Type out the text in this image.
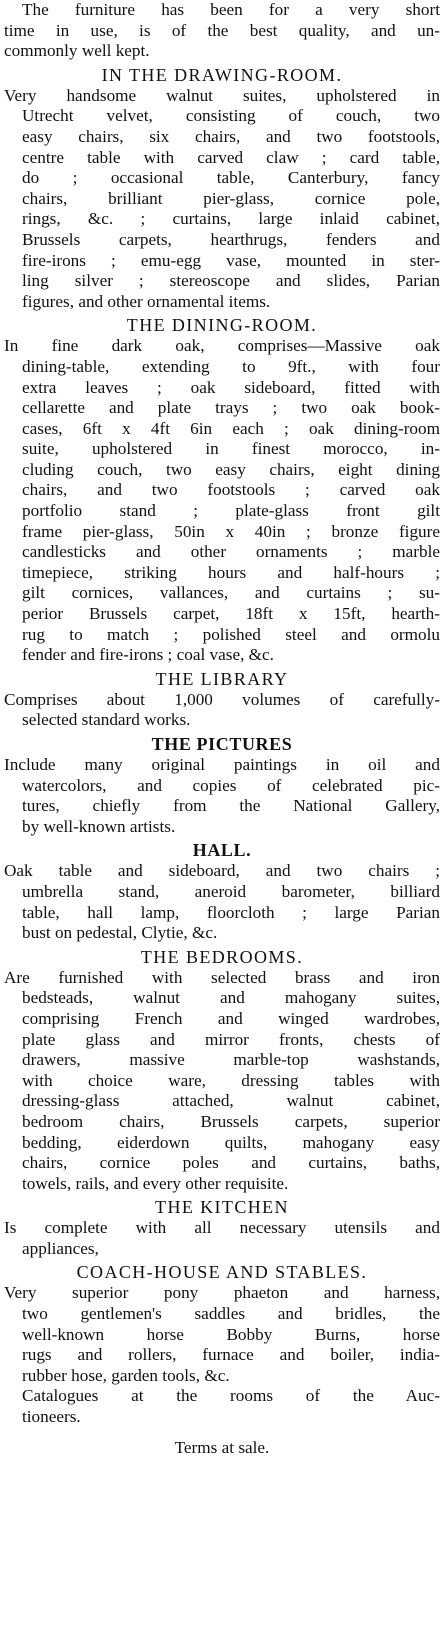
The furniture has been for a very short
time in use, is of the best quality, and un-
commonly well kept.
IN THE DRAWING-ROOM.
Very handsome walnut suites, upholstered in
Utrecht velvet, consisting of couch, two
easy chairs, six chairs, and two footstools,
centre table with carved claw ; card table,
do ; occasional table, Canterbury, fancy
chairs, brilliant pier-glass, cornice pole,
rings, &c. ; curtains, large inlaid cabinet,
Brussels carpets, hearthrugs, fenders and
fire-irons ; emu-egg vase, mounted in ster-
ling silver ; stereoscope and slides, Parian
figures, and other ornamental items.
THE DINING-ROOM.
In fine dark oak, comprises—Massive oak
dining-table, extending to 9ft., with four
extra leaves ; oak sideboard, fitted with
cellarette and plate trays ; two oak book-
cases, 6ft x 4ft 6in each ; oak dining-room
suite, upholstered in finest morocco, in-
cluding couch, two easy chairs, eight dining
chairs, and two footstools ; carved oak
portfolio stand ; plate-glass front gilt
frame pier-glass, 50in x 40in ; bronze figure
candlesticks and other ornaments ; marble
timepiece, striking hours and half-hours ;
gilt cornices, vallances, and curtains ; su-
perior Brussels carpet, 18ft x 15ft, hearth-
rug to match ; polished steel and ormolu
fender and fire-irons ; coal vase, &c.
THE LIBRARY
Comprises about 1,000 volumes of carefully-
selected standard works.
THE PICTURES
Include many original paintings in oil and
watercolors, and copies of celebrated pic-
tures, chiefly from the National Gallery,
by well-known artists.
HALL.
Oak table and sideboard, and two chairs ;
umbrella stand, aneroid barometer, billiard
table, hall lamp, floorcloth ; large Parian
bust on pedestal, Clytie, &c.
THE BEDROOMS.
Are furnished with selected brass and iron
bedsteads, walnut and mahogany suites,
comprising French and winged wardrobes,
plate glass and mirror fronts, chests of
drawers, massive marble-top washstands,
with choice ware, dressing tables with
dressing-glass attached, walnut cabinet,
bedroom chairs, Brussels carpets, superior
bedding, eiderdown quilts, mahogany easy
chairs, cornice poles and curtains, baths,
towels, rails, and every other requisite.
THE KITCHEN
Is complete with all necessary utensils and
appliances,
COACH-HOUSE AND STABLES.
Very superior pony phaeton and harness,
two gentlemen's saddles and bridles, the
well-known horse Bobby Burns, horse
rugs and rollers, furnace and boiler, india-
rubber hose, garden tools, &c.
Catalogues at the rooms of the Auc-
tioneers.
Terms at sale.
